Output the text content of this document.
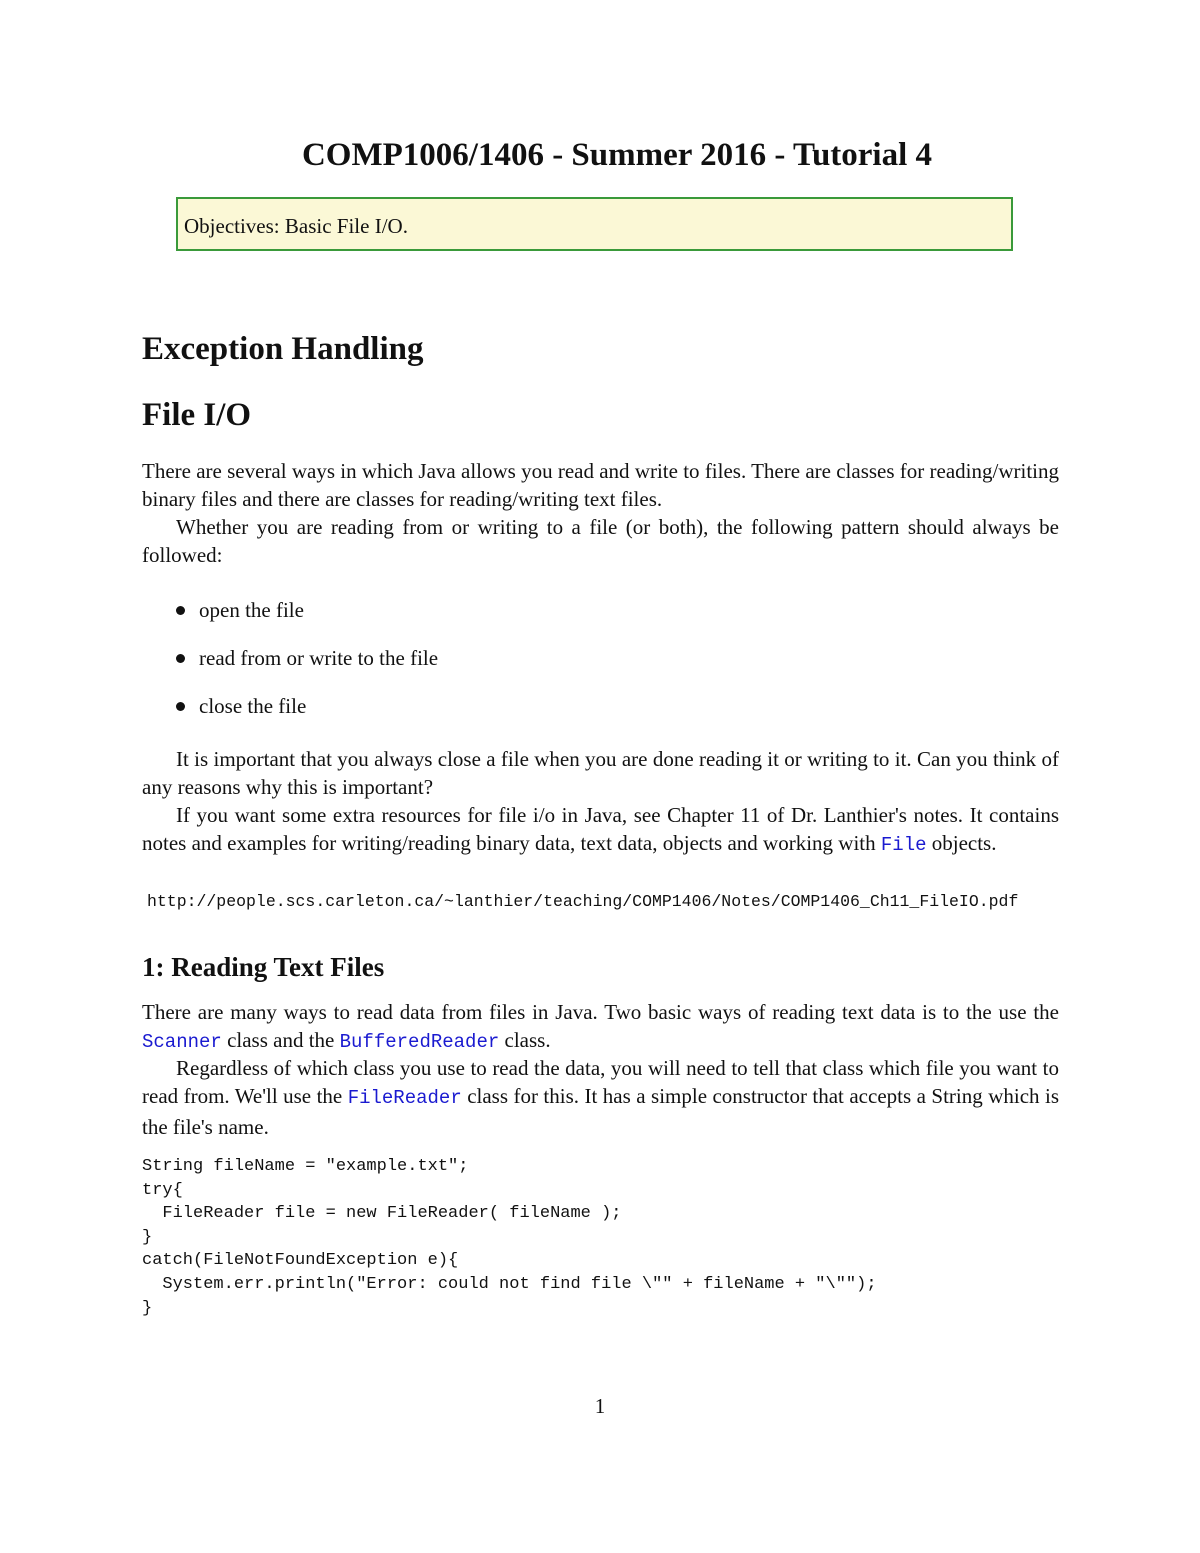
COMP1006/1406 - Summer 2016 - Tutorial 4
Objectives: Basic File I/O.
Exception Handling
File I/O

There are several ways in which Java allows you read and write to files. There are classes for reading/writing binary files and there are classes for reading/writing text files.

Whether you are reading from or writing to a file (or both), the following pattern should always be followed:

open the file
read from or write to the file
close the file

It is important that you always close a file when you are done reading it or writing to it. Can you think of any reasons why this is important?

If you want some extra resources for file i/o in Java, see Chapter 11 of Dr. Lanthier's notes. It contains notes and examples for writing/reading binary data, text data, objects and working with File objects.

http://people.scs.carleton.ca/~lanthier/teaching/COMP1406/Notes/COMP1406_Ch11_FileIO.pdf
1: Reading Text Files

There are many ways to read data from files in Java. Two basic ways of reading text data is to the use the Scanner class and the BufferedReader class.

Regardless of which class you use to read the data, you will need to tell that class which file you want to read from. We'll use the FileReader class for this. It has a simple constructor that accepts a String which is the file's name.

String fileName = "example.txt";
try{
FileReader file = new FileReader( fileName );
}
catch(FileNotFoundException e){
System.err.println("Error: could not find file \"" + fileName + "\"");
}
1
